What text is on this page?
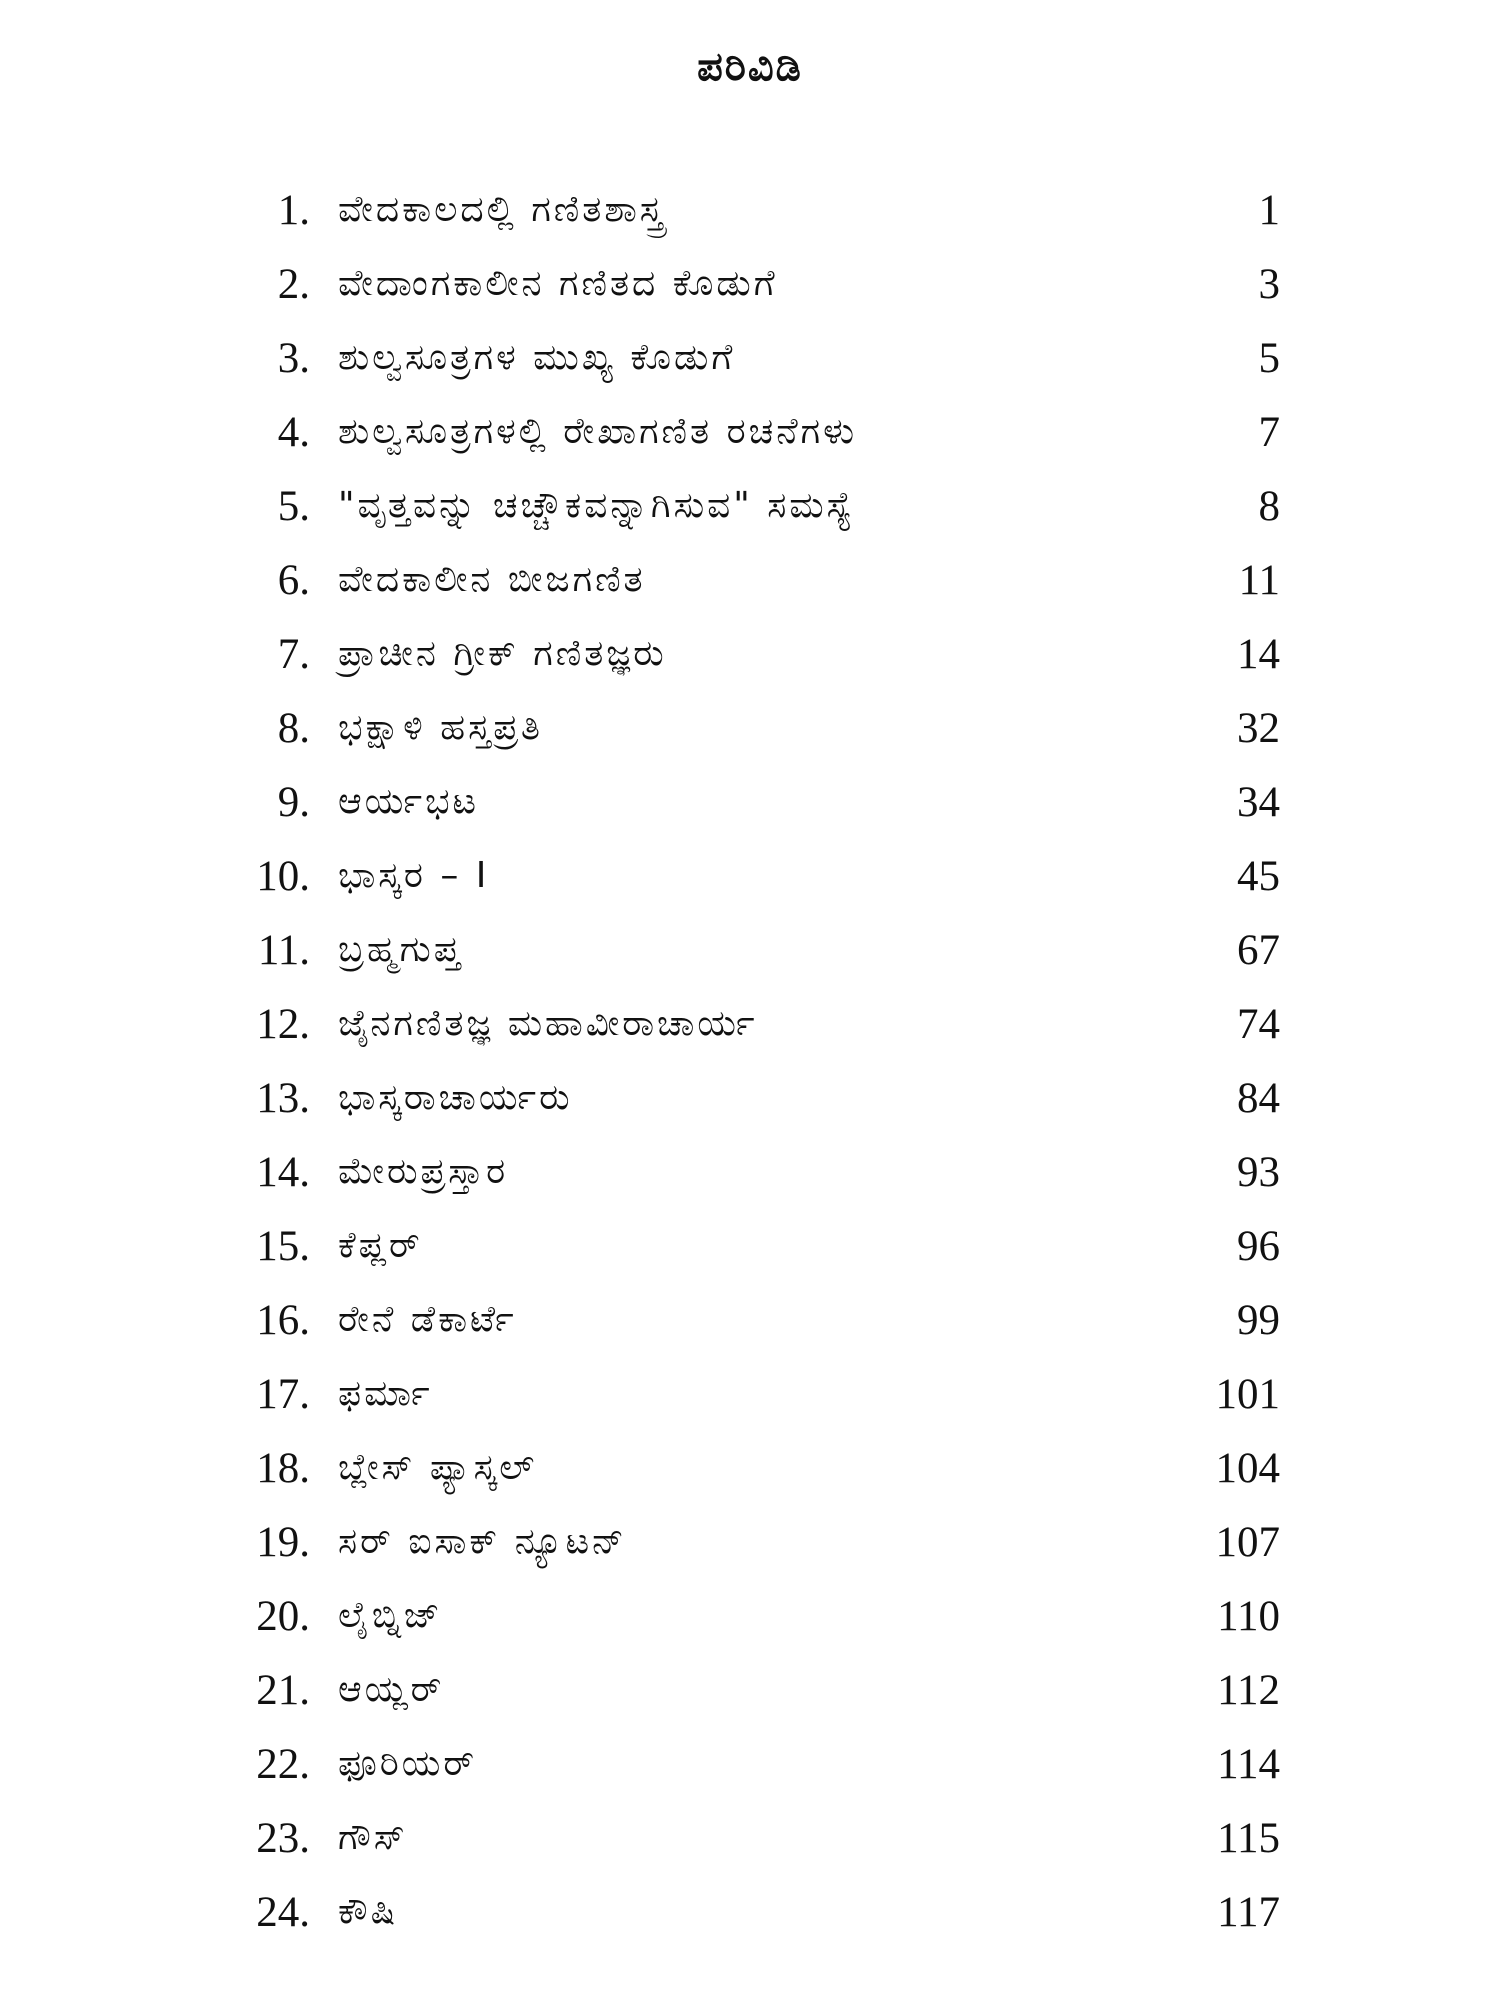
ಪರಿವಿಡಿ
1. ವೇದಕಾಲದಲ್ಲಿ ಗಣಿತಶಾಸ್ತ್ರ	1
2. ವೇದಾಂಗಕಾಲೀನ ಗಣಿತದ ಕೊಡುಗೆ	3
3. ಶುಲ್ವಸೂತ್ರಗಳ ಮುಖ್ಯ ಕೊಡುಗೆ	5
4. ಶುಲ್ವಸೂತ್ರಗಳಲ್ಲಿ ರೇಖಾಗಣಿತ ರಚನೆಗಳು	7
5. "ವೃತ್ತವನ್ನು ಚಚ್ಚೌಕವನ್ನಾಗಿಸುವ" ಸಮಸ್ಯೆ	8
6. ವೇದಕಾಲೀನ ಬೀಜಗಣಿತ	11
7. ಪ್ರಾಚೀನ ಗ್ರೀಕ್ ಗಣಿತಜ್ಞರು	14
8. ಭಕ್ಷಾಳಿ ಹಸ್ತಪ್ರತಿ	32
9. ಆರ್ಯಭಟ	34
10. ಭಾಸ್ಕರ – I	45
11. ಬ್ರಹ್ಮಗುಪ್ತ	67
12. ಜೈನಗಣಿತಜ್ಞ ಮಹಾವೀರಾಚಾರ್ಯ	74
13. ಭಾಸ್ಕರಾಚಾರ್ಯರು	84
14. ಮೇರುಪ್ರಸ್ತಾರ	93
15. ಕೆಪ್ಲರ್	96
16. ರೇನೆ ಡೆಕಾರ್ಟೆ	99
17. ಫರ್ಮಾ	101
18. ಬ್ಲೇಸ್ ಪ್ಯಾಸ್ಕಲ್	104
19. ಸರ್ ಐಸಾಕ್ ನ್ಯೂಟನ್	107
20. ಲೈಬ್ನಿಜ್	110
21. ಆಯ್ಲರ್	112
22. ಫೂರಿಯರ್	114
23. ಗೌಸ್	115
24. ಕೌಷಿ	117
